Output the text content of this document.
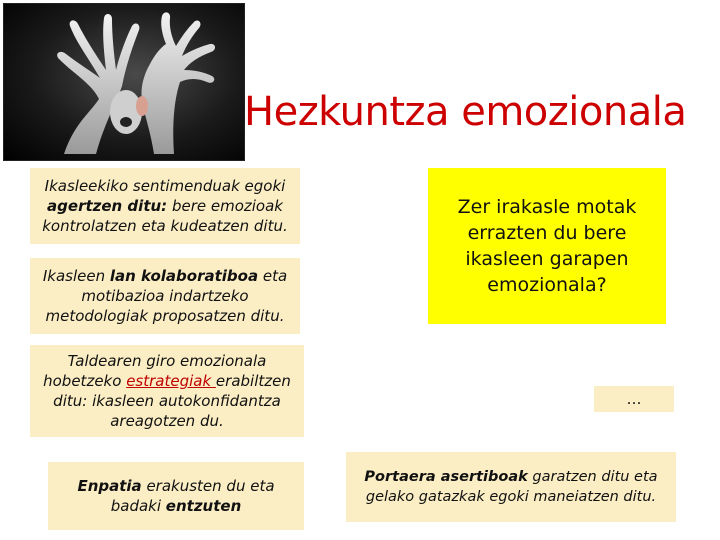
Hezkuntza emozionala
Ikasleekiko sentimenduak egoki agertzen ditu: bere emozioak kontrolatzen eta kudeatzen ditu.
Ikasleen lan kolaboratiboa eta motibazioa indartzeko metodologiak proposatzen ditu.
Taldearen giro emozionala hobetzeko estrategiak erabiltzen ditu: ikasleen autokonfidantza areagotzen du.
Enpatia erakusten du eta badaki entzuten
Portaera asertiboak garatzen ditu eta gelako gatazkak egoki maneiatzen ditu.
…
Zer irakasle motak errazten du bere ikasleen garapen emozionala?
